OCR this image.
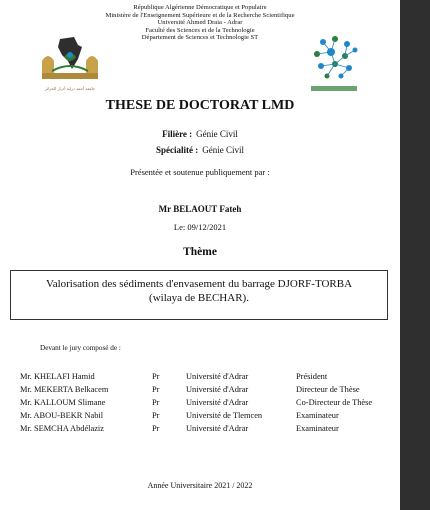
République Algérienne Démocratique et Populaire
Ministère de l'Enseignement Supérieure et de la Recherche Scientifique
Université Ahmed Draia - Adrar
Faculté des Sciences et de la Technologie
Département de Sciences et Technologie ST
جامعة أحمد دراية أدرار الجزائر
THESE DE DOCTORAT LMD
Filière : Génie Civil
Spécialité : Génie Civil
Présentée et soutenue publiquement par :
Mr BELAOUT Fateh
Le: 09/12/2021
Thème
Valorisation des sédiments d'envasement du barrage DJORF-TORBA
(wilaya de BECHAR).
Devant le jury composé de :
Mr. KHELAFI Hamid	Pr	Université d'Adrar	Président
Mr. MEKERTA Belkacem	Pr	Université d'Adrar	Directeur de Thèse
Mr. KALLOUM Slimane	Pr	Université d'Adrar	Co-Directeur de Thèse
Mr. ABOU-BEKR Nabil	Pr	Université de Tlemcen	Examinateur
Mr. SEMCHA Abdélaziz	Pr	Université d'Adrar	Examinateur
Année Universitaire 2021 / 2022
